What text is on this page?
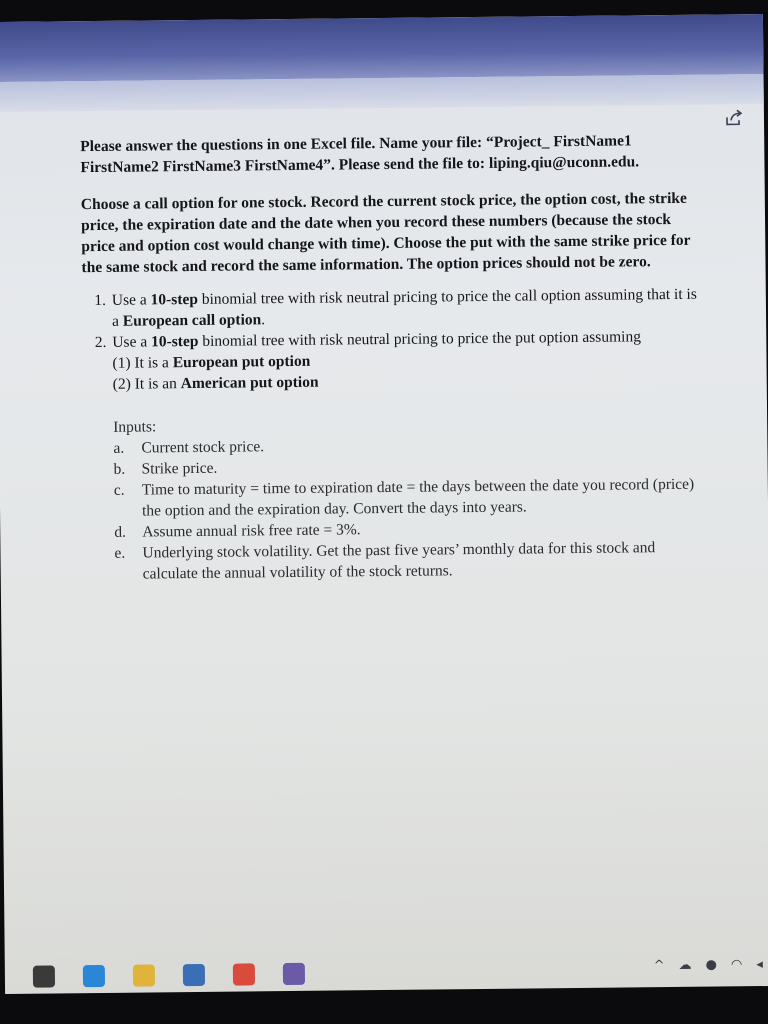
Please answer the questions in one Excel file. Name your file: “Project_ FirstName1 FirstName2 FirstName3 FirstName4”. Please send the file to: liping.qiu@uconn.edu.

Choose a call option for one stock. Record the current stock price, the option cost, the strike price, the expiration date and the date when you record these numbers (because the stock price and option cost would change with time). Choose the put with the same strike price for the same stock and record the same information. The option prices should not be zero.

1. Use a 10-step binomial tree with risk neutral pricing to price the call option assuming that it is a European call option.
2. Use a 10-step binomial tree with risk neutral pricing to price the put option assuming
(1) It is a European put option
(2) It is an American put option
Inputs:
a. Current stock price.
b. Strike price.
c. Time to maturity = time to expiration date = the days between the date you record (price) the option and the expiration day. Convert the days into years.
d. Assume annual risk free rate = 3%.
e. Underlying stock volatility. Get the past five years’ monthly data for this stock and calculate the annual volatility of the stock returns.
^ ☁ ● ◠ ◂
